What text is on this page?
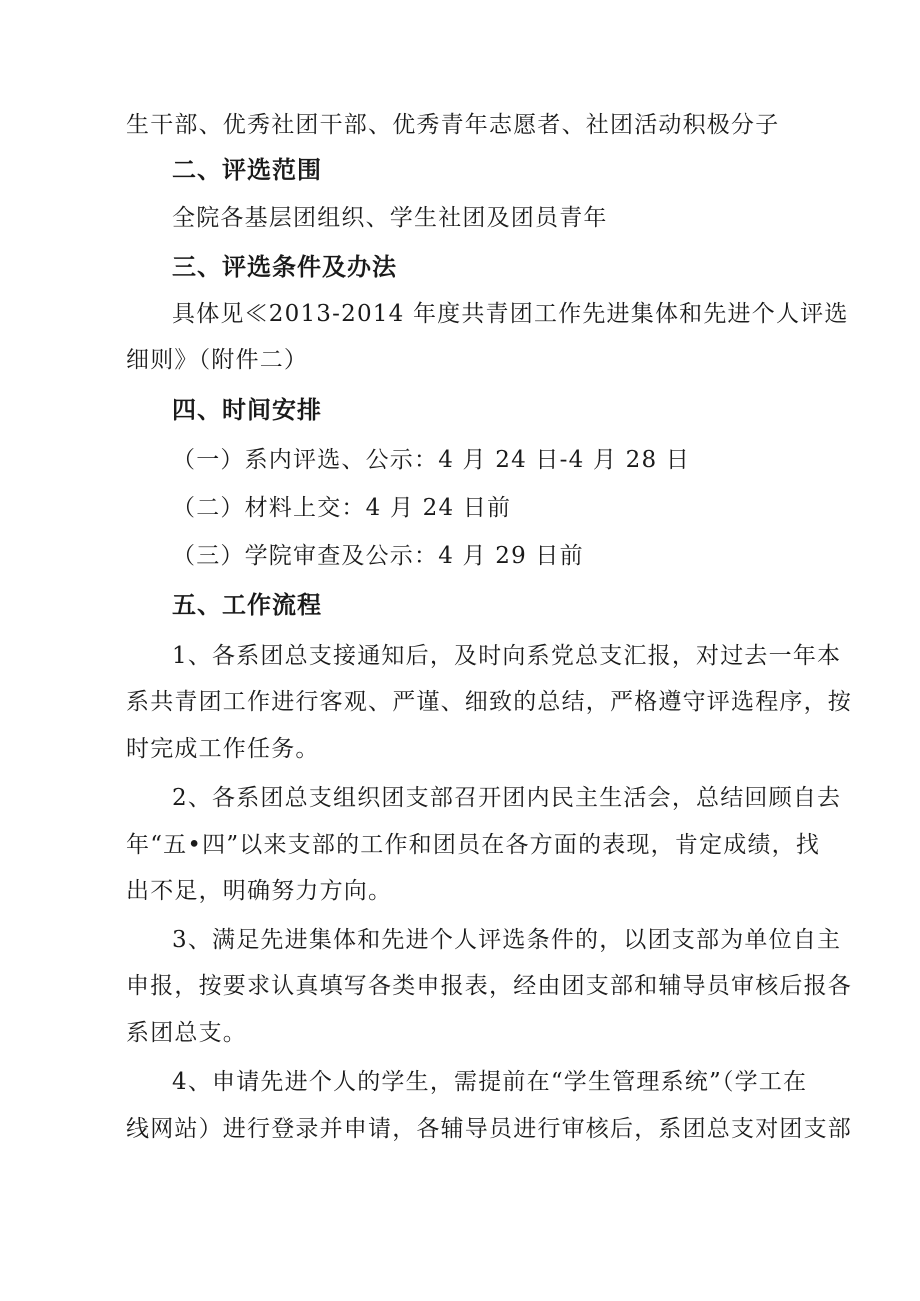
生干部、优秀社团干部、优秀青年志愿者、社团活动积极分子
二、评选范围
全院各基层团组织、学生社团及团员青年
三、评选条件及办法
具体见≪2013-2014 年度共青团工作先进集体和先进个人评选
细则》（附件二）
四、时间安排
（一）系内评选、公示：4 月 24 日-4 月 28 日
（二）材料上交：4 月 24 日前
（三）学院审查及公示：4 月 29 日前
五、工作流程
1、各系团总支接通知后，及时向系党总支汇报，对过去一年本
系共青团工作进行客观、严谨、细致的总结，严格遵守评选程序，按
时完成工作任务。
2、各系团总支组织团支部召开团内民主生活会，总结回顾自去
年“五•四”以来支部的工作和团员在各方面的表现，肯定成绩，找
出不足，明确努力方向。
3、满足先进集体和先进个人评选条件的，以团支部为单位自主
申报，按要求认真填写各类申报表，经由团支部和辅导员审核后报各
系团总支。
4、申请先进个人的学生，需提前在“学生管理系统”（学工在
线网站）进行登录并申请，各辅导员进行审核后，系团总支对团支部
